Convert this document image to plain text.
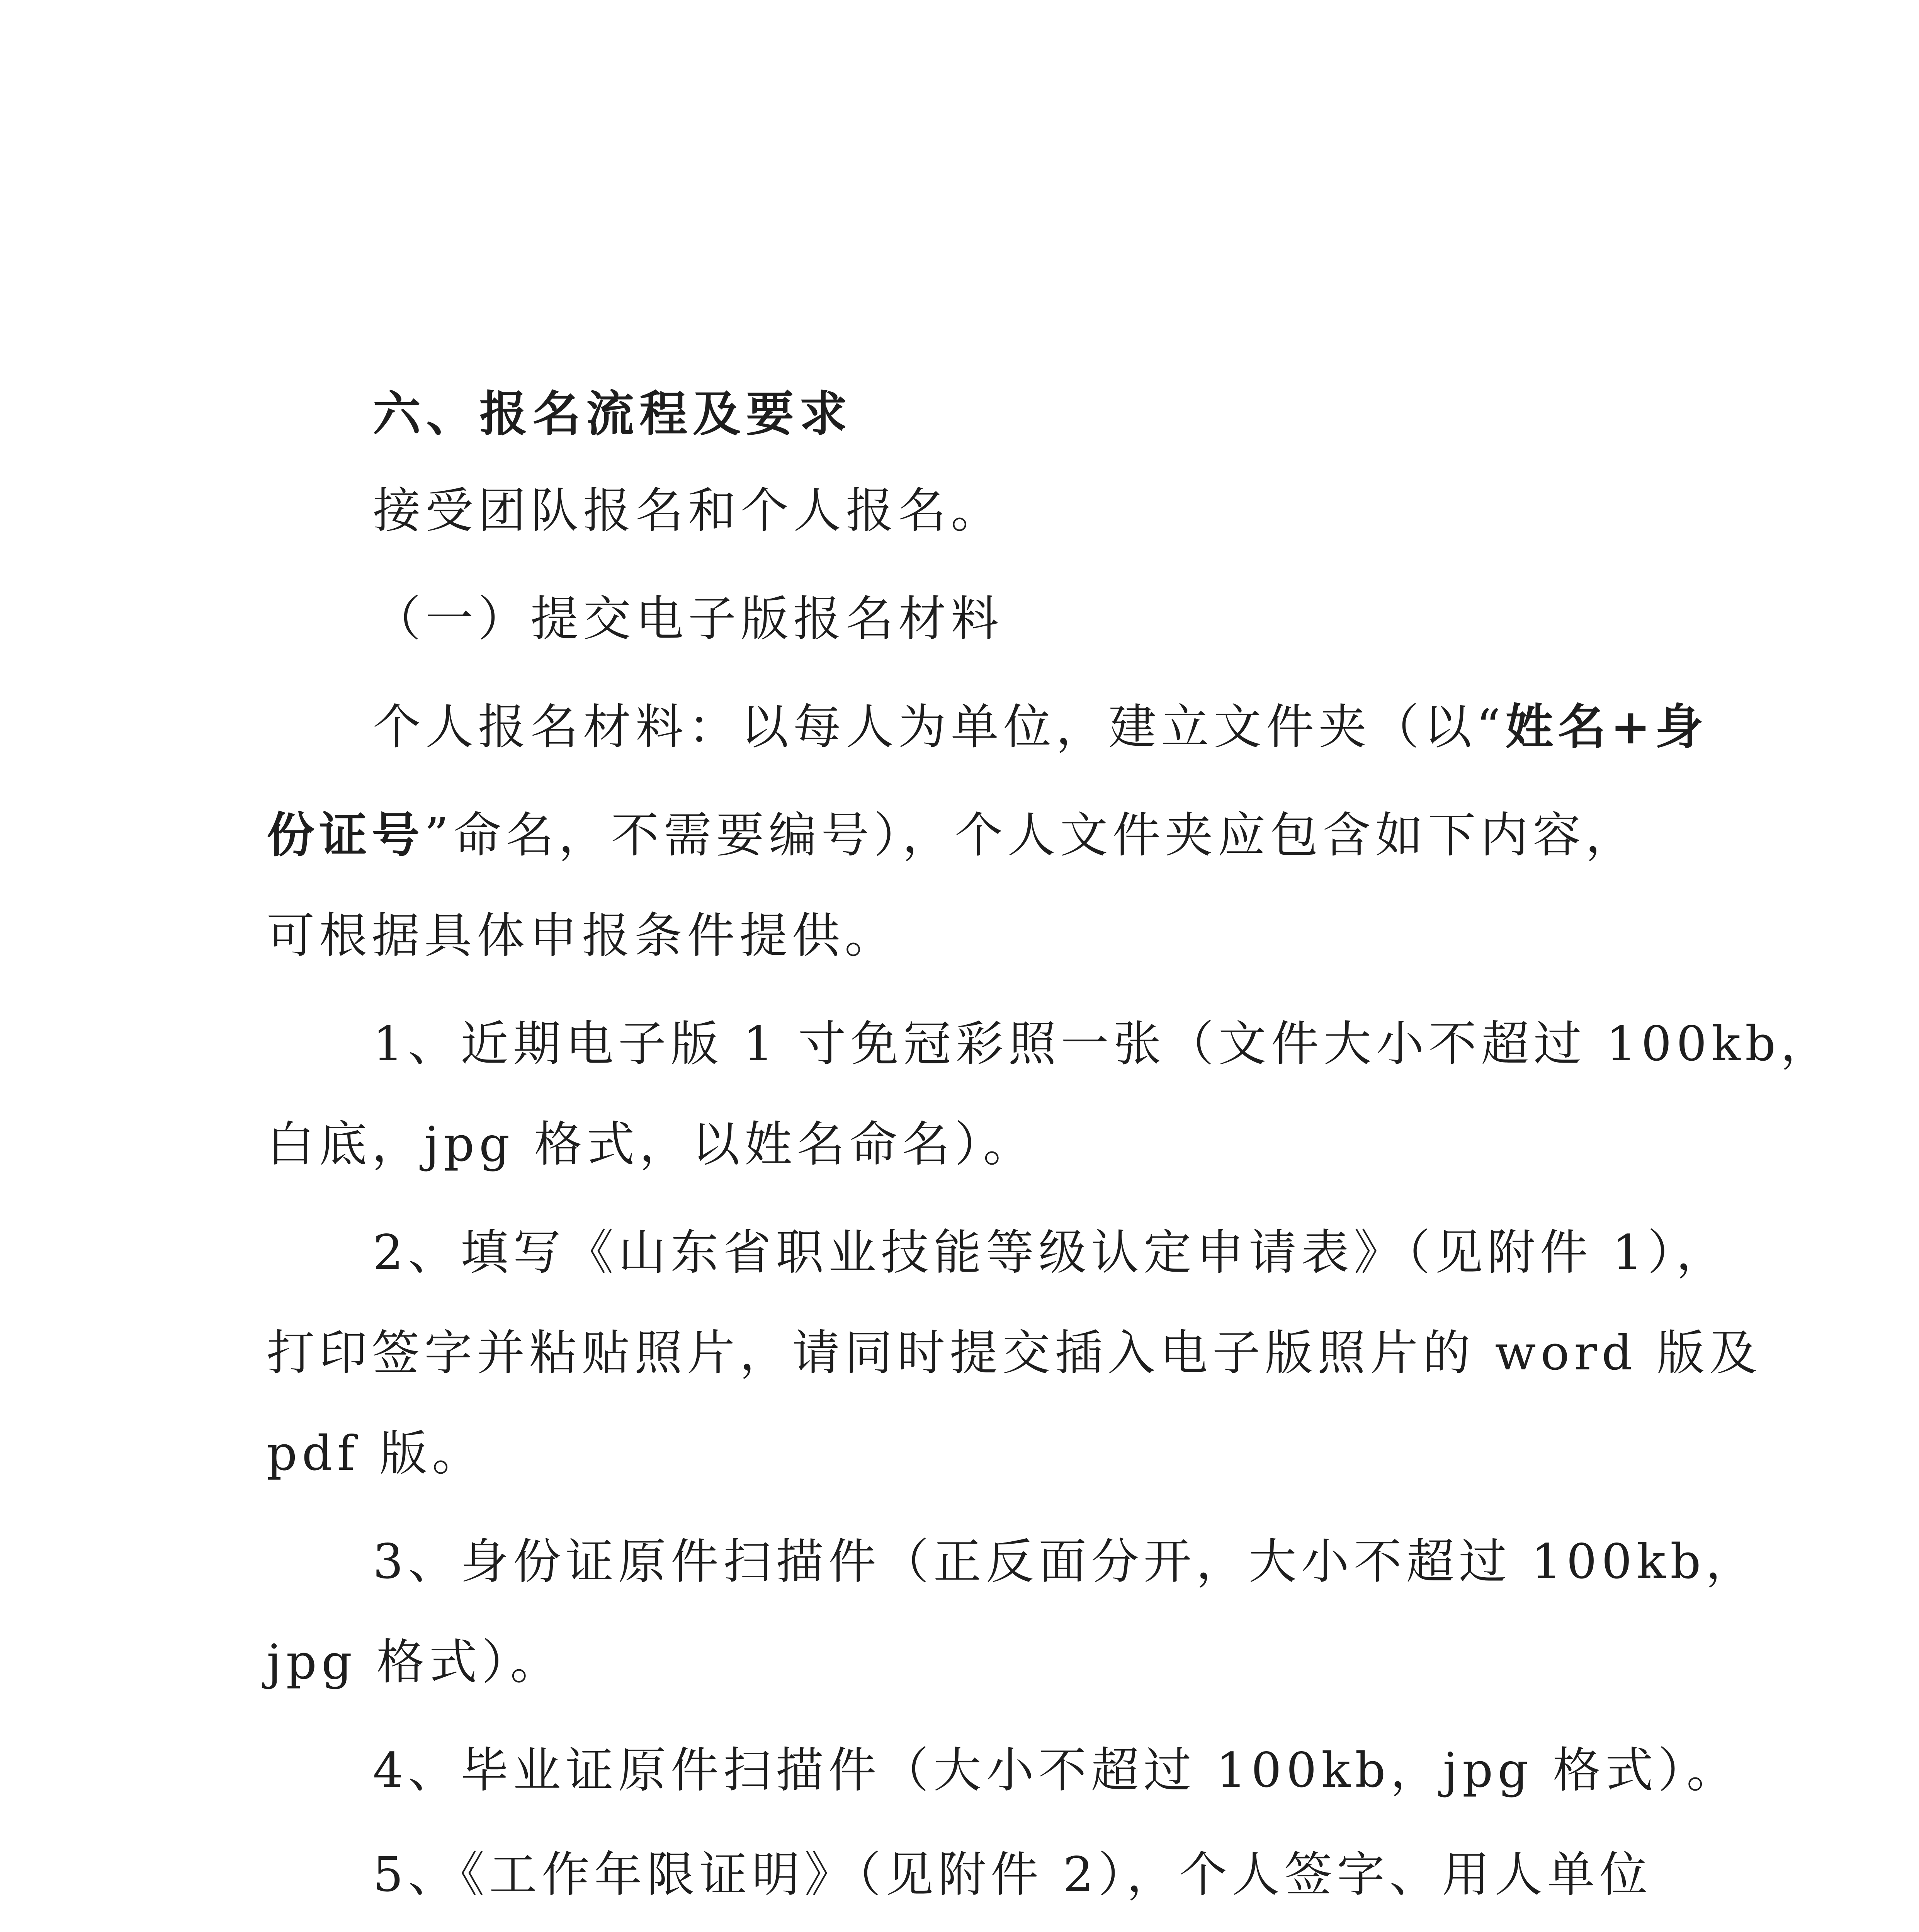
六、报名流程及要求
接受团队报名和个人报名。
（一）提交电子版报名材料
个人报名材料：以每人为单位，建立文件夹（以“姓名+身
份证号”命名，不需要编号），个人文件夹应包含如下内容，
可根据具体申报条件提供。
1、近期电子版 1 寸免冠彩照一张（文件大小不超过 100kb，
白底，jpg 格式，以姓名命名）。
2、填写《山东省职业技能等级认定申请表》（见附件 1），
打印签字并粘贴照片，请同时提交插入电子版照片的 word 版及
pdf 版。
3、身份证原件扫描件（正反面分开，大小不超过 100kb，
jpg 格式）。
4、毕业证原件扫描件（大小不超过 100kb，jpg 格式）。
5、《工作年限证明》（见附件 2），个人签字、用人单位
